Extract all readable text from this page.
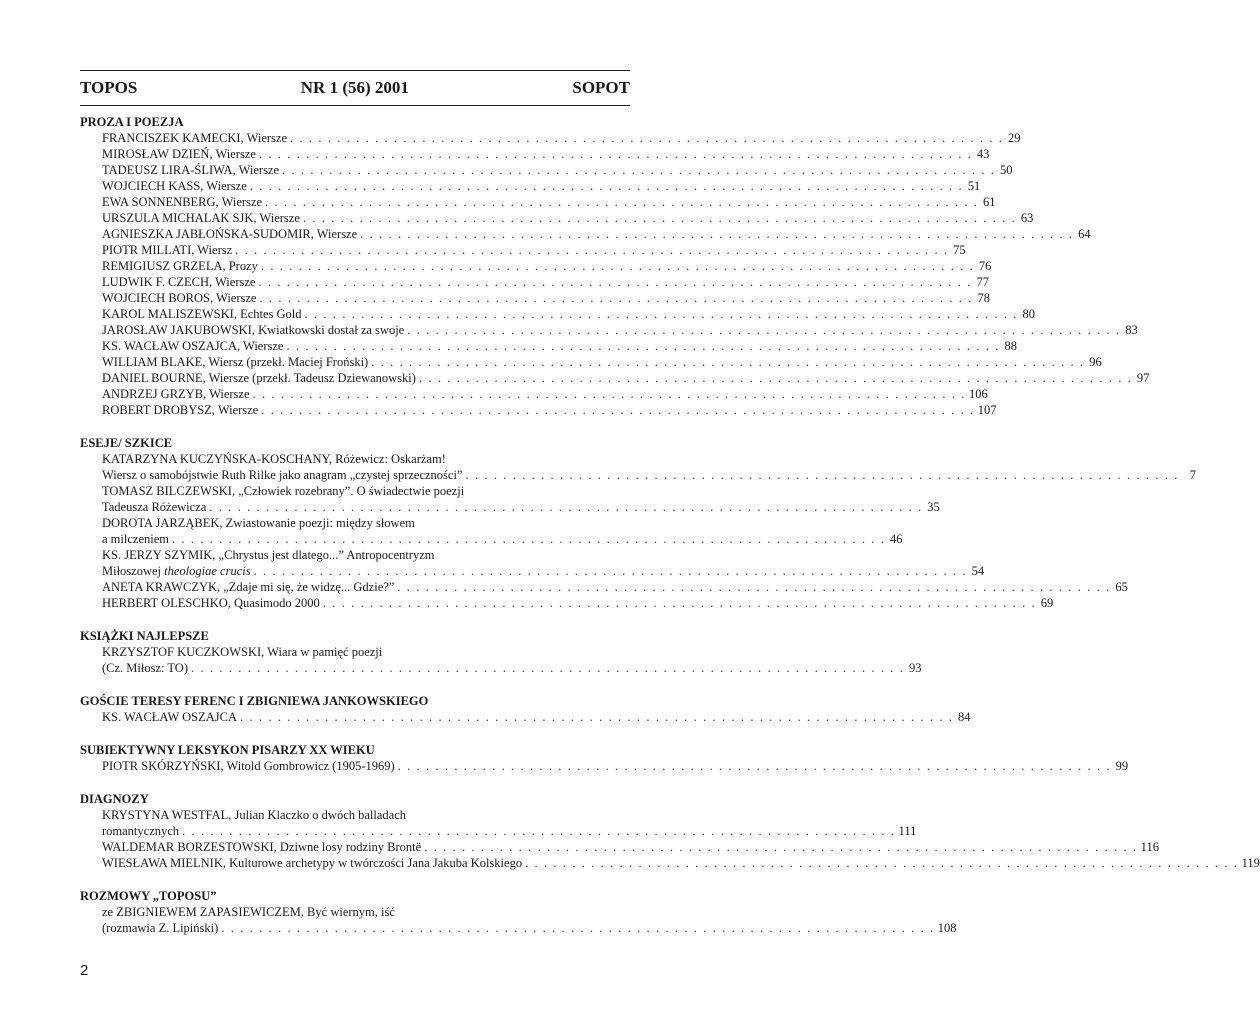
TOPOS	NR 1 (56) 2001	SOPOT
PROZA I POEZJA
FRANCISZEK KAMECKI, Wiersze . . . . . . . . . . . . . . . . . . . . . . . . . . . . . . . . . . . . . . . . . . . . . . . . . . . . . . . . . . . . . . . . . . . . . . . . . . . . 29
MIROSŁAW DZIEŃ, Wiersze . . . . . . . . . . . . . . . . . . . . . . . . . . . . . . . . . . . . . . . . . . . . . . . . . . . . . . . . . . . . . . . . . . . . . . . . . . . . 43
TADEUSZ LIRA-ŚLIWA, Wiersze . . . . . . . . . . . . . . . . . . . . . . . . . . . . . . . . . . . . . . . . . . . . . . . . . . . . . . . . . . . . . . . . . . . . . . . . . . . . 50
WOJCIECH KASS, Wiersze . . . . . . . . . . . . . . . . . . . . . . . . . . . . . . . . . . . . . . . . . . . . . . . . . . . . . . . . . . . . . . . . . . . . . . . . . . . . 51
EWA SONNENBERG, Wiersze . . . . . . . . . . . . . . . . . . . . . . . . . . . . . . . . . . . . . . . . . . . . . . . . . . . . . . . . . . . . . . . . . . . . . . . . . . . . 61
URSZULA MICHALAK SJK, Wiersze . . . . . . . . . . . . . . . . . . . . . . . . . . . . . . . . . . . . . . . . . . . . . . . . . . . . . . . . . . . . . . . . . . . . . . . . . . . . 63
AGNIESZKA JABŁOŃSKA-SUDOMIR, Wiersze . . . . . . . . . . . . . . . . . . . . . . . . . . . . . . . . . . . . . . . . . . . . . . . . . . . . . . . . . . . . . . . . . . . . . . . . . . . . 64
PIOTR MILLATI, Wiersz . . . . . . . . . . . . . . . . . . . . . . . . . . . . . . . . . . . . . . . . . . . . . . . . . . . . . . . . . . . . . . . . . . . . . . . . . . . . 75
REMIGIUSZ GRZELA, Prozy . . . . . . . . . . . . . . . . . . . . . . . . . . . . . . . . . . . . . . . . . . . . . . . . . . . . . . . . . . . . . . . . . . . . . . . . . . . . 76
LUDWIK F. CZECH, Wiersze . . . . . . . . . . . . . . . . . . . . . . . . . . . . . . . . . . . . . . . . . . . . . . . . . . . . . . . . . . . . . . . . . . . . . . . . . . . . 77
WOJCIECH BOROS, Wiersze . . . . . . . . . . . . . . . . . . . . . . . . . . . . . . . . . . . . . . . . . . . . . . . . . . . . . . . . . . . . . . . . . . . . . . . . . . . . 78
KAROL MALISZEWSKI, Echtes Gold . . . . . . . . . . . . . . . . . . . . . . . . . . . . . . . . . . . . . . . . . . . . . . . . . . . . . . . . . . . . . . . . . . . . . . . . . . . . 80
JAROSŁAW JAKUBOWSKI, Kwiatkowski dostał za swoje . . . . . . . . . . . . . . . . . . . . . . . . . . . . . . . . . . . . . . . . . . . . . . . . . . . . . . . . . . . . . . . . . . . . . . . . . . . . 83
KS. WACŁAW OSZAJCA, Wiersze . . . . . . . . . . . . . . . . . . . . . . . . . . . . . . . . . . . . . . . . . . . . . . . . . . . . . . . . . . . . . . . . . . . . . . . . . . . . 88
WILLIAM BLAKE, Wiersz (przekł. Maciej Froński) . . . . . . . . . . . . . . . . . . . . . . . . . . . . . . . . . . . . . . . . . . . . . . . . . . . . . . . . . . . . . . . . . . . . . . . . . . . . 96
DANIEL BOURNE, Wiersze (przekł. Tadeusz Dziewanowski) . . . . . . . . . . . . . . . . . . . . . . . . . . . . . . . . . . . . . . . . . . . . . . . . . . . . . . . . . . . . . . . . . . . . . . . . . . . . 97
ANDRZEJ GRZYB, Wiersze . . . . . . . . . . . . . . . . . . . . . . . . . . . . . . . . . . . . . . . . . . . . . . . . . . . . . . . . . . . . . . . . . . . . . . . . . . . . 106
ROBERT DROBYSZ, Wiersze . . . . . . . . . . . . . . . . . . . . . . . . . . . . . . . . . . . . . . . . . . . . . . . . . . . . . . . . . . . . . . . . . . . . . . . . . . . . 107
ESEJE/ SZKICE
KATARZYNA KUCZYŃSKA-KOSCHANY, Różewicz: Oskarżam!
Wiersz o samobójstwie Ruth Rilke jako anagram „czystej sprzeczności” . . . . . . . . . . . . . . . . . . . . . . . . . . . . . . . . . . . . . . . . . . . . . . . . . . . . . . . . . . . . . . . . . . . . . . . . . . . . 7
TOMASZ BILCZEWSKI, „Człowiek rozebrany”. O świadectwie poezji
Tadeusza Różewicza . . . . . . . . . . . . . . . . . . . . . . . . . . . . . . . . . . . . . . . . . . . . . . . . . . . . . . . . . . . . . . . . . . . . . . . . . . . . 35
DOROTA JARZĄBEK, Zwiastowanie poezji: między słowem
a milczeniem . . . . . . . . . . . . . . . . . . . . . . . . . . . . . . . . . . . . . . . . . . . . . . . . . . . . . . . . . . . . . . . . . . . . . . . . . . . . 46
KS. JERZY SZYMIK, „Chrystus jest dlatego...” Antropocentryzm
Miłoszowej theologiae crucis . . . . . . . . . . . . . . . . . . . . . . . . . . . . . . . . . . . . . . . . . . . . . . . . . . . . . . . . . . . . . . . . . . . . . . . . . . . . 54
ANETA KRAWCZYK, „Zdaje mi się, że widzę... Gdzie?” . . . . . . . . . . . . . . . . . . . . . . . . . . . . . . . . . . . . . . . . . . . . . . . . . . . . . . . . . . . . . . . . . . . . . . . . . . . . 65
HERBERT OLESCHKO, Quasimodo 2000 . . . . . . . . . . . . . . . . . . . . . . . . . . . . . . . . . . . . . . . . . . . . . . . . . . . . . . . . . . . . . . . . . . . . . . . . . . . . 69
KSIĄŻKI NAJLEPSZE
KRZYSZTOF KUCZKOWSKI, Wiara w pamięć poezji
(Cz. Miłosz: TO) . . . . . . . . . . . . . . . . . . . . . . . . . . . . . . . . . . . . . . . . . . . . . . . . . . . . . . . . . . . . . . . . . . . . . . . . . . . . 93
GOŚCIE TERESY FERENC I ZBIGNIEWA JANKOWSKIEGO
KS. WACŁAW OSZAJCA . . . . . . . . . . . . . . . . . . . . . . . . . . . . . . . . . . . . . . . . . . . . . . . . . . . . . . . . . . . . . . . . . . . . . . . . . . . . 84
SUBIEKTYWNY LEKSYKON PISARZY XX WIEKU
PIOTR SKÓRZYŃSKI, Witold Gombrowicz (1905-1969) . . . . . . . . . . . . . . . . . . . . . . . . . . . . . . . . . . . . . . . . . . . . . . . . . . . . . . . . . . . . . . . . . . . . . . . . . . . . 99
DIAGNOZY
KRYSTYNA WESTFAL, Julian Klaczko o dwóch balladach
romantycznych . . . . . . . . . . . . . . . . . . . . . . . . . . . . . . . . . . . . . . . . . . . . . . . . . . . . . . . . . . . . . . . . . . . . . . . . . . . . 111
WALDEMAR BORZESTOWSKI, Dziwne losy rodziny Brontë . . . . . . . . . . . . . . . . . . . . . . . . . . . . . . . . . . . . . . . . . . . . . . . . . . . . . . . . . . . . . . . . . . . . . . . . . . . . 116
WIESŁAWA MIELNIK, Kulturowe archetypy w twórczości Jana Jakuba Kolskiego . . . . . . . . . . . . . . . . . . . . . . . . . . . . . . . . . . . . . . . . . . . . . . . . . . . . . . . . . . . . . . . . . . . . . . . . . . . . 119
ROZMOWY „TOPOSU”
ze ZBIGNIEWEM ZAPASIEWICZEM, Być wiernym, iść
(rozmawia Z. Lipiński) . . . . . . . . . . . . . . . . . . . . . . . . . . . . . . . . . . . . . . . . . . . . . . . . . . . . . . . . . . . . . . . . . . . . . . . . . . . . 108
2
